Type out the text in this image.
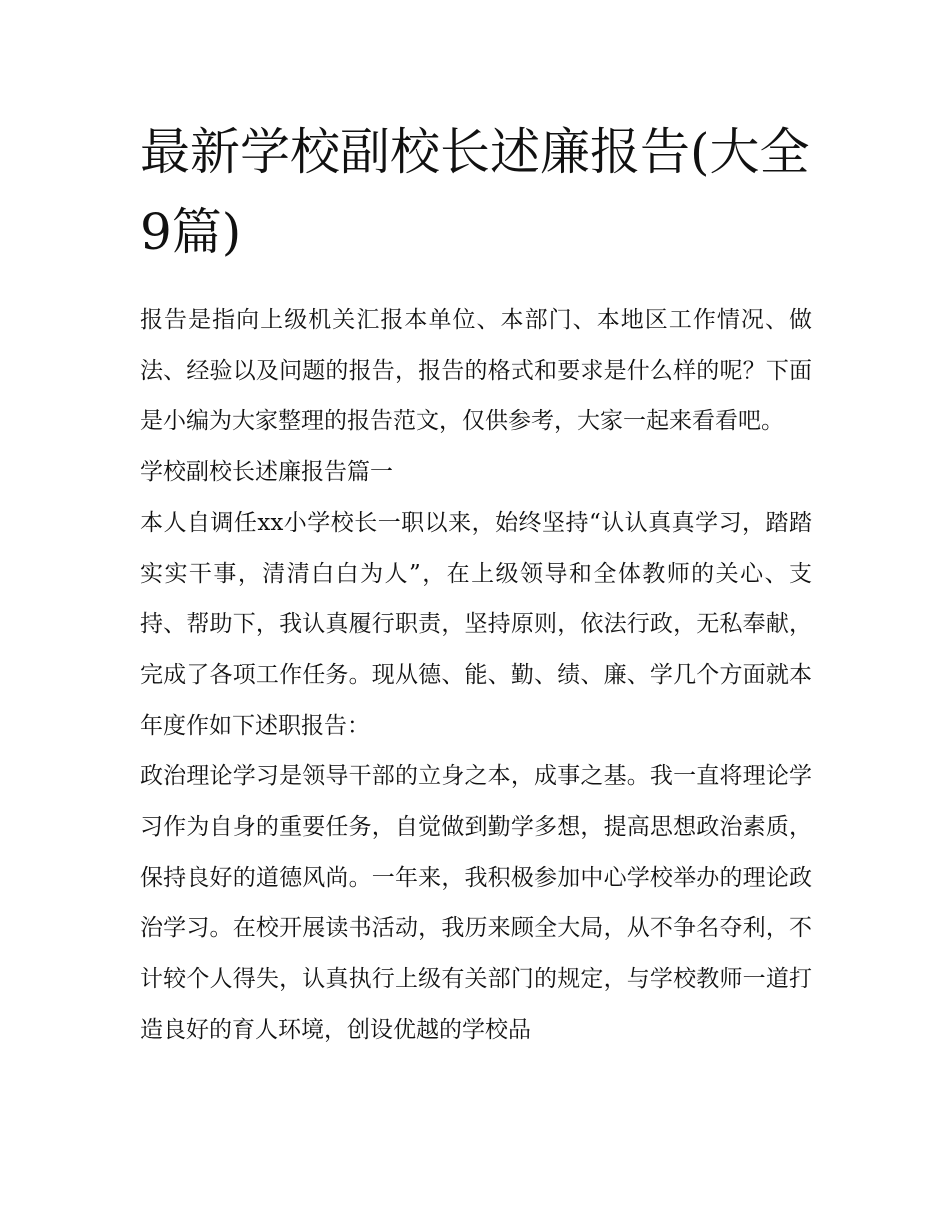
最新学校副校长述廉报告(大全9篇)

报告是指向上级机关汇报本单位、本部门、本地区工作情况、做法、经验以及问题的报告，报告的格式和要求是什么样的呢？下面是小编为大家整理的报告范文，仅供参考，大家一起来看看吧。

学校副校长述廉报告篇一

本人自调任xx小学校长一职以来，始终坚持“认认真真学习，踏踏实实干事，清清白白为人”，在上级领导和全体教师的关心、支持、帮助下，我认真履行职责，坚持原则，依法行政，无私奉献，完成了各项工作任务。现从德、能、勤、绩、廉、学几个方面就本年度作如下述职报告：

政治理论学习是领导干部的立身之本，成事之基。我一直将理论学习作为自身的重要任务，自觉做到勤学多想，提高思想政治素质，保持良好的道德风尚。一年来，我积极参加中心学校举办的理论政治学习。在校开展读书活动，我历来顾全大局，从不争名夺利，不计较个人得失，认真执行上级有关部门的规定，与学校教师一道打造良好的育人环境，创设优越的学校品
